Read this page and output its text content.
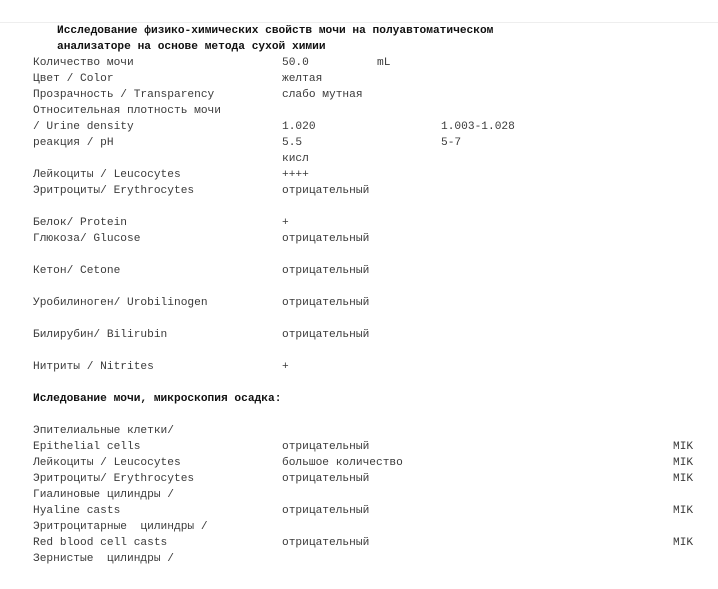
Исследование физико-химических свойств мочи на полуавтоматическом
анализаторе на основе метода сухой химии
Количество мочи	50.0	mL
Цвет / Color	желтая
Прозрачность / Transparency	слабо мутная
Относительная плотность мочи
/ Urine density	1.020	1.003-1.028
реакция / pH	5.5	5-7
кисл
Лейкоциты / Leucocytes	++++
Эритроциты/ Erythrocytes	отрицательный
Белок/ Protein	+
Глюкоза/ Glucose	отрицательный
Кетон/ Cetone	отрицательный
Уробилиноген/ Urobilinogen	отрицательный
Билирубин/ Bilirubin	отрицательный
Нитриты / Nitrites	+
Иследование мочи, микроскопия осадка:
Эпителиальные клетки/
Epithelial cells	отрицательный	MIK
Лейкоциты / Leucocytes	большое количество	MIK
Эритроциты/ Erythrocytes	отрицательный	MIK
Гиалиновые цилиндры /
Hyaline casts	отрицательный	MIK
Эритроцитарные  цилиндры /
Red blood cell casts	отрицательный	MIK
Зернистые  цилиндры /
